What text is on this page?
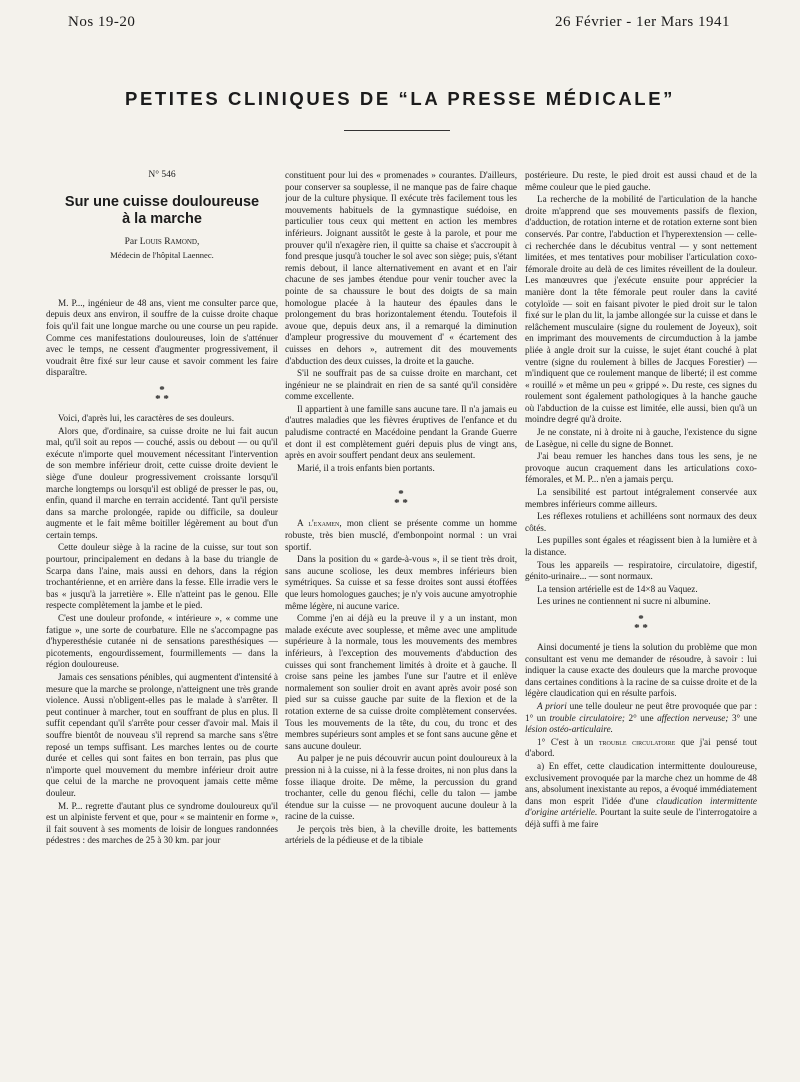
Nos 19-20	26 Février - 1er Mars 1941
PETITES CLINIQUES DE “LA PRESSE MÉDICALE”
N° 546
Sur une cuisse douloureuse
à la marche
Par Louis Ramond,
Médecin de l'hôpital Laennec.

M. P..., ingénieur de 48 ans, vient me consulter parce que, depuis deux ans environ, il souffre de la cuisse droite chaque fois qu'il fait une longue marche ou une course un peu rapide. Comme ces manifestations douloureuses, loin de s'atténuer avec le temps, ne cessent d'augmenter progressivement, il voudrait être fixé sur leur cause et savoir comment les faire disparaître.

*
* *

Voici, d'après lui, les caractères de ses douleurs.

Alors que, d'ordinaire, sa cuisse droite ne lui fait aucun mal, qu'il soit au repos — couché, assis ou debout — ou qu'il exécute n'importe quel mouvement nécessitant l'intervention de son membre inférieur droit, cette cuisse droite devient le siège d'une douleur progressivement croissante lorsqu'il marche longtemps ou lorsqu'il est obligé de presser le pas, ou, enfin, quand il marche en terrain accidenté. Tant qu'il persiste dans sa marche prolongée, rapide ou difficile, sa douleur augmente et le fait même boitiller légèrement au bout d'un certain temps.

Cette douleur siège à la racine de la cuisse, sur tout son pourtour, principalement en dedans à la base du triangle de Scarpa dans l'aine, mais aussi en dehors, dans la région trochantérienne, et en arrière dans la fesse. Elle irradie vers le bas « jusqu'à la jarretière ». Elle n'atteint pas le genou. Elle respecte complètement la jambe et le pied.

C'est une douleur profonde, « intérieure », « comme une fatigue », une sorte de courbature. Elle ne s'accompagne pas d'hyperesthésie cutanée ni de sensations paresthésiques — picotements, engourdissement, fourmillements — dans la région douloureuse.

Jamais ces sensations pénibles, qui augmentent d'intensité à mesure que la marche se prolonge, n'atteignent une très grande violence. Aussi n'obligent-elles pas le malade à s'arrêter. Il peut continuer à marcher, tout en souffrant de plus en plus. Il suffit cependant qu'il s'arrête pour cesser d'avoir mal. Mais il souffre bientôt de nouveau s'il reprend sa marche sans s'être reposé un temps suffisant. Les marches lentes ou de courte durée et celles qui sont faites en bon terrain, pas plus que n'importe quel mouvement du membre inférieur droit autre que celui de la marche ne provoquent jamais cette même douleur.

M. P... regrette d'autant plus ce syndrome douloureux qu'il est un alpiniste fervent et que, pour « se maintenir en forme », il fait souvent à ses moments de loisir de longues randonnées pédestres : des marches de 25 à 30 km. par jour

constituent pour lui des « promenades » courantes. D'ailleurs, pour conserver sa souplesse, il ne manque pas de faire chaque jour de la culture physique. Il exécute très facilement tous les mouvements habituels de la gymnastique suédoise, en particulier tous ceux qui mettent en action les membres inférieurs. Joignant aussitôt le geste à la parole, et pour me prouver qu'il n'exagère rien, il quitte sa chaise et s'accroupit à fond presque jusqu'à toucher le sol avec son siège; puis, s'étant remis debout, il lance alternativement en avant et en l'air chacune de ses jambes étendue pour venir toucher avec la pointe de sa chaussure le bout des doigts de sa main homologue placée à la hauteur des épaules dans le prolongement du bras horizontalement étendu. Toutefois il avoue que, depuis deux ans, il a remarqué la diminution d'ampleur progressive du mouvement d' « écartement des cuisses en dehors », autrement dit des mouvements d'abduction des deux cuisses, la droite et la gauche.

S'il ne souffrait pas de sa cuisse droite en marchant, cet ingénieur ne se plaindrait en rien de sa santé qu'il considère comme excellente.

Il appartient à une famille sans aucune tare. Il n'a jamais eu d'autres maladies que les fièvres éruptives de l'enfance et du paludisme contracté en Macédoine pendant la Grande Guerre et dont il est complètement guéri depuis plus de vingt ans, après en avoir souffert pendant deux ans seulement.

Marié, il a trois enfants bien portants.

*
* *

A l'examen, mon client se présente comme un homme robuste, très bien musclé, d'embonpoint normal : un vrai sportif.

Dans la position du « garde-à-vous », il se tient très droit, sans aucune scoliose, les deux membres inférieurs bien symétriques. Sa cuisse et sa fesse droites sont aussi étoffées que leurs homologues gauches; je n'y vois aucune amyotrophie même légère, ni aucune varice.

Comme j'en ai déjà eu la preuve il y a un instant, mon malade exécute avec souplesse, et même avec une amplitude supérieure à la normale, tous les mouvements des membres inférieurs, à l'exception des mouvements d'abduction des cuisses qui sont franchement limités à droite et à gauche. Il croise sans peine les jambes l'une sur l'autre et il enlève normalement son soulier droit en avant après avoir posé son pied sur sa cuisse gauche par suite de la flexion et de la rotation externe de sa cuisse droite complètement conservées. Tous les mouvements de la tête, du cou, du tronc et des membres supérieurs sont amples et se font sans aucune gêne et sans aucune douleur.

Au palper je ne puis découvrir aucun point douloureux à la pression ni à la cuisse, ni à la fesse droites, ni non plus dans la fosse iliaque droite. De même, la percussion du grand trochanter, celle du genou fléchi, celle du talon — jambe étendue sur la cuisse — ne provoquent aucune douleur à la racine de la cuisse.

Je perçois très bien, à la cheville droite, les battements artériels de la pédieuse et de la tibiale

postérieure. Du reste, le pied droit est aussi chaud et de la même couleur que le pied gauche.

La recherche de la mobilité de l'articulation de la hanche droite m'apprend que ses mouvements passifs de flexion, d'adduction, de rotation interne et de rotation externe sont bien conservés. Par contre, l'abduction et l'hyperextension — celle-ci recherchée dans le décubitus ventral — y sont nettement limitées, et mes tentatives pour mobiliser l'articulation coxo-fémorale droite au delà de ces limites réveillent de la douleur. Les manœuvres que j'exécute ensuite pour apprécier la manière dont la tête fémorale peut rouler dans la cavité cotyloïde — soit en faisant pivoter le pied droit sur le talon fixé sur le plan du lit, la jambe allongée sur la cuisse et dans le relâchement musculaire (signe du roulement de Joyeux), soit en imprimant des mouvements de circumduction à la jambe pliée à angle droit sur la cuisse, le sujet étant couché à plat ventre (signe du roulement à billes de Jacques Forestier) — m'indiquent que ce roulement manque de liberté; il est comme « rouillé » et même un peu « grippé ». Du reste, ces signes du roulement sont également pathologiques à la hanche gauche où l'abduction de la cuisse est limitée, elle aussi, bien qu'à un moindre degré qu'à droite.

Je ne constate, ni à droite ni à gauche, l'existence du signe de Lasègue, ni celle du signe de Bonnet.

J'ai beau remuer les hanches dans tous les sens, je ne provoque aucun craquement dans les articulations coxo-fémorales, et M. P... n'en a jamais perçu.

La sensibilité est partout intégralement conservée aux membres inférieurs comme ailleurs.

Les réflexes rotuliens et achilléens sont normaux des deux côtés.

Les pupilles sont égales et réagissent bien à la lumière et à la distance.

Tous les appareils — respiratoire, circulatoire, digestif, génito-urinaire... — sont normaux.

La tension artérielle est de 14×8 au Vaquez.

Les urines ne contiennent ni sucre ni albumine.

*
* *

Ainsi documenté je tiens la solution du problème que mon consultant est venu me demander de résoudre, à savoir : lui indiquer la cause exacte des douleurs que la marche provoque dans certaines conditions à la racine de sa cuisse droite et de la légère claudication qui en résulte parfois.

A priori une telle douleur ne peut être provoquée que par : 1° un trouble circulatoire; 2° une affection nerveuse; 3° une lésion ostéo-articulaire.

1° C'est à un trouble circulatoire que j'ai pensé tout d'abord.

a) En effet, cette claudication intermittente douloureuse, exclusivement provoquée par la marche chez un homme de 48 ans, absolument inexistante au repos, a évoqué immédiatement dans mon esprit l'idée d'une claudication intermittente d'origine artérielle. Pourtant la suite seule de l'interrogatoire a déjà suffi à me faire
